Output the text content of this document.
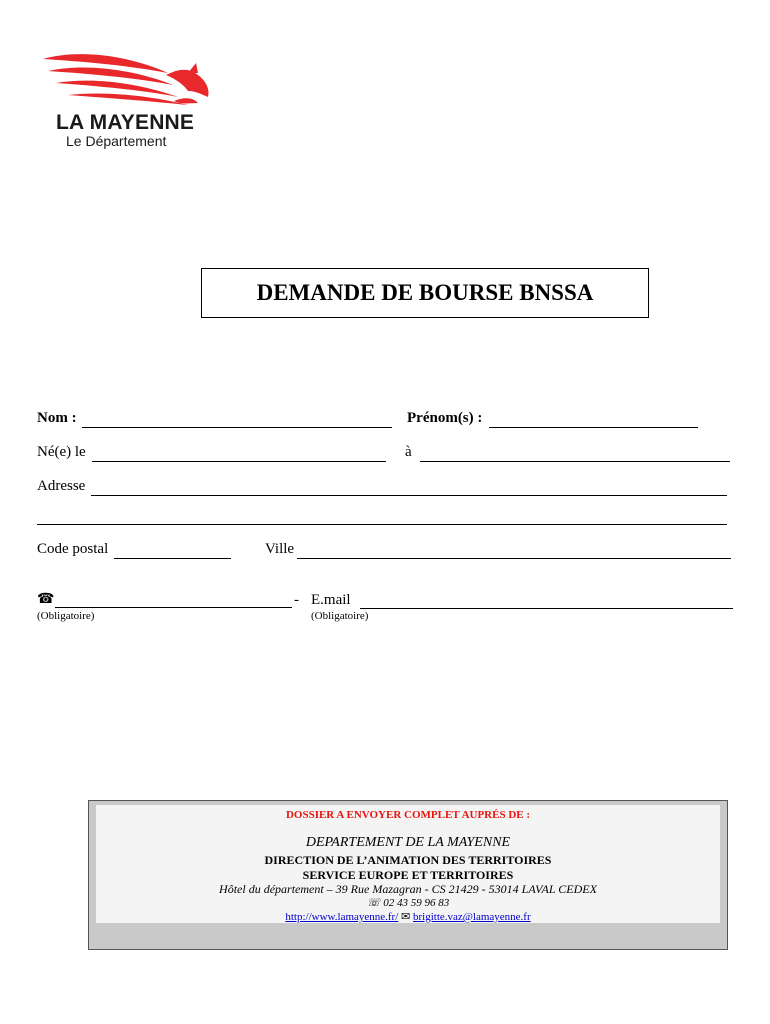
LA MAYENNE
Le Département
DEMANDE DE BOURSE BNSSA
Nom :	Prénom(s) :
Né(e) le	à
Adresse
Code postal	Ville
☎	- E.mail
(Obligatoire)	(Obligatoire)
DOSSIER A ENVOYER COMPLET AUPRÉS DE :
DEPARTEMENT DE LA MAYENNE
DIRECTION DE L’ANIMATION DES TERRITOIRES
SERVICE EUROPE ET TERRITOIRES
Hôtel du département – 39 Rue Mazagran - CS 21429 - 53014 LAVAL CEDEX
☏ 02 43 59 96 83
http://www.lamayenne.fr/ ✉ brigitte.vaz@lamayenne.fr
